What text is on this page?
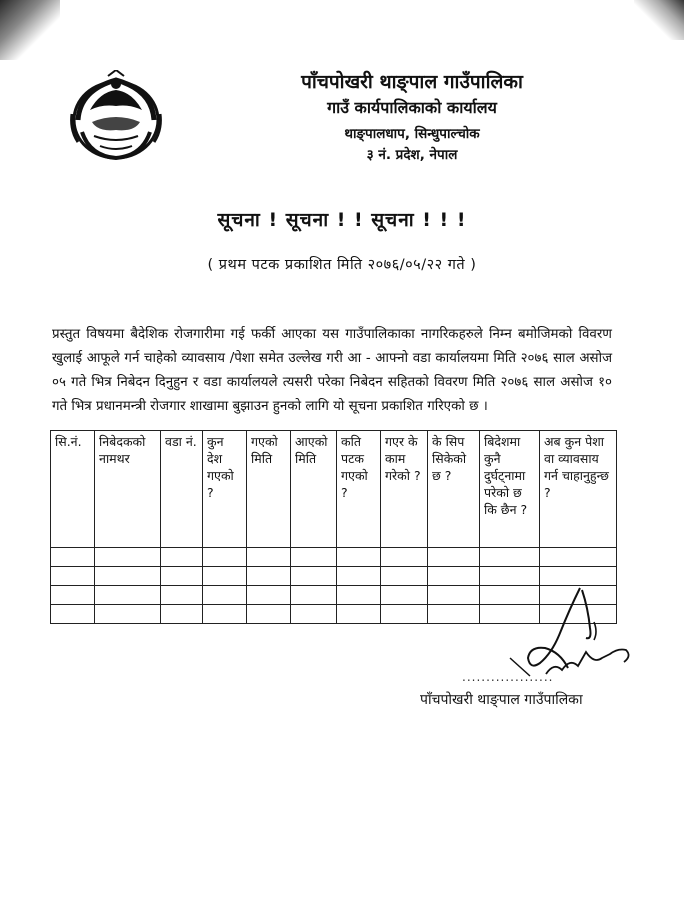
पाँचपोखरी थाङ्पाल गाउँपालिका
गाउँ कार्यपालिकाको कार्यालय
थाङ्पालधाप, सिन्धुपाल्चोक
३ नं. प्रदेश, नेपाल
सूचना ! सूचना ! ! सूचना ! ! !
( प्रथम पटक प्रकाशित मिति २०७६/०५/२२ गते )
प्रस्तुत विषयमा बैदेशिक रोजगारीमा गई फर्की आएका यस गाउँपालिकाका नागरिकहरुले निम्न बमोजिमको विवरण खुलाई आफूले गर्न चाहेको व्यावसाय /पेशा समेत उल्लेख गरी आ - आफ्नो वडा कार्यालयमा मिति २०७६ साल असोज ०५ गते भित्र निबेदन दिनुहुन र वडा कार्यालयले त्यसरी परेका निबेदन सहितको विवरण मिति २०७६ साल असोज १० गते भित्र प्रधानमन्त्री रोजगार शाखामा बुझाउन हुनको लागि यो सूचना प्रकाशित गरिएको छ ।
सि.नं.	निबेदकको नामथर	वडा नं.	कुन देश गएको ?	गएको मिति	आएको मिति	कति पटक गएको ?	गएर के काम गरेको ?	के सिप सिकेको छ ?	बिदेशमा कुनै दुर्घट्नामा परेको छ कि छैन ?	अब कुन पेशा वा व्यावसाय गर्न चाहानुहुन्छ ?

...................
पाँचपोखरी थाङ्पाल गाउँपालिका
